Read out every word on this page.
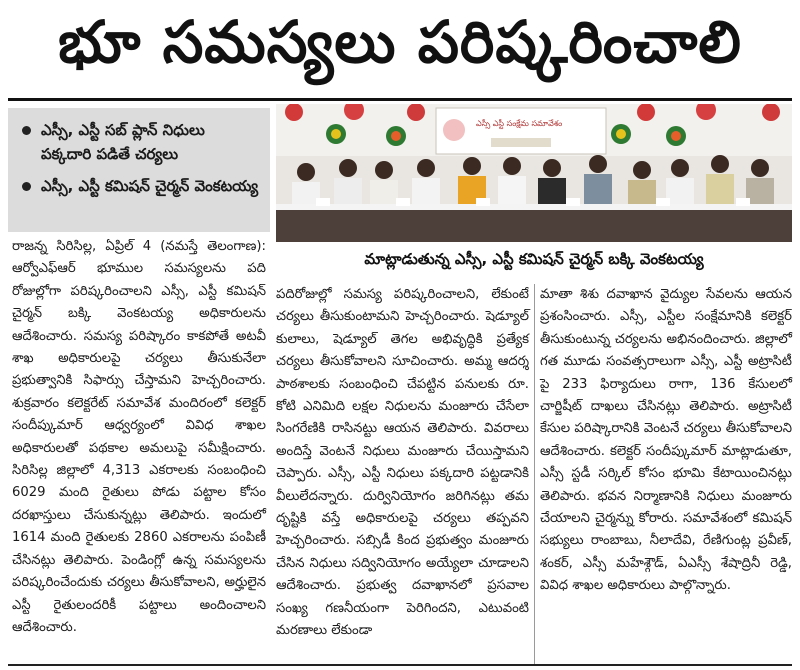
భూ సమస్యలు పరిష్కరించాలి
ఎస్సీ, ఎస్టీ సబ్ ప్లాన్ నిధులు పక్కదారి పడితే చర్యలు
ఎస్సీ, ఎస్టీ కమిషన్ చైర్మన్ వెంకటయ్య
ఎస్సీ ఎస్టీ సంక్షేమ సమావేశం
మాట్లాడుతున్న ఎస్సీ, ఎస్టీ కమిషన్ చైర్మన్ బక్కి వెంకటయ్య
రాజన్న సిరిసిల్ల, ఏప్రిల్ 4 (నమస్తే తెలంగాణ): ఆర్వోఎఫ్ఆర్ భూముల సమస్యలను పది రోజుల్లోగా పరిష్కరించాలని ఎస్సీ, ఎస్టీ కమిషన్ చైర్మన్ బక్కి వెంకటయ్య అధికారులను ఆదేశించారు. సమస్య పరిష్కారం కాకపోతే అటవీ శాఖ అధికారులపై చర్యలు తీసుకునేలా ప్రభుత్వానికి సిఫార్సు చేస్తామని హెచ్చరించారు. శుక్రవారం కలెక్టరేట్ సమావేశ మందిరంలో కలెక్టర్ సందీప్కుమార్ ఆధ్వర్యంలో వివిధ శాఖల అధికారులతో పథకాల అమలుపై సమీక్షించారు. సిరిసిల్ల జిల్లాలో 4,313 ఎకరాలకు సంబంధించి 6029 మంది రైతులు పోడు పట్టాల కోసం దరఖాస్తులు చేసుకున్నట్లు తెలిపారు. ఇందులో 1614 మంది రైతులకు 2860 ఎకరాలను పంపిణీ చేసినట్లు తెలిపారు. పెండింగ్లో ఉన్న సమస్యలను పరిష్కరించేందుకు చర్యలు తీసుకోవాలని, అర్హులైన ఎస్టీ రైతులందరికీ పట్టాలు అందించాలని ఆదేశించారు.
పదిరోజుల్లో సమస్య పరిష్కరించాలని, లేకుంటే చర్యలు తీసుకుంటామని హెచ్చరించారు. షెడ్యూల్ కులాలు, షెడ్యూల్ తెగల అభివృద్ధికి ప్రత్యేక చర్యలు తీసుకోవాలని సూచించారు. అమ్మ ఆదర్శ పాఠశాలకు సంబంధించి చేపట్టిన పనులకు రూ. కోటి ఎనిమిది లక్షల నిధులను మంజూరు చేసేలా సింగరేణికి రాసినట్టు ఆయన తెలిపారు. వివరాలు అందిస్తే వెంటనే నిధులు మంజూరు చేయిస్తామని చెప్పారు. ఎస్సీ, ఎస్టీ నిధులు పక్కదారి పట్టడానికి వీలులేదన్నారు. దుర్వినియోగం జరిగినట్లు తమ దృష్టికి వస్తే అధికారులపై చర్యలు తప్పవని హెచ్చరించారు. సబ్సిడీ కింద ప్రభుత్వం మంజూరు చేసిన నిధులు సద్వినియోగం అయ్యేలా చూడాలని ఆదేశించారు. ప్రభుత్వ దవాఖానలో ప్రసవాల సంఖ్య గణనీయంగా పెరిగిందని, ఎటువంటి మరణాలు లేకుండా
మాతా శిశు దవాఖాన వైద్యుల సేవలను ఆయన ప్రశంసించారు. ఎస్సీ, ఎస్టీల సంక్షేమానికి కలెక్టర్ తీసుకుంటున్న చర్యలను అభినందించారు. జిల్లాలో గత మూడు సంవత్సరాలుగా ఎస్సీ, ఎస్టీ అట్రాసిటీ పై 233 ఫిర్యాదులు రాగా, 136 కేసులలో చార్జిషీట్ దాఖలు చేసినట్లు తెలిపారు. అట్రాసిటీ కేసుల పరిష్కారానికి వెంటనే చర్యలు తీసుకోవాలని ఆదేశించారు. కలెక్టర్ సందీప్కుమార్ మాట్లాడుతూ, ఎస్సీ స్టడీ సర్కిల్ కోసం భూమి కేటాయించినట్లు తెలిపారు. భవన నిర్మాణానికి నిధులు మంజూరు చేయాలని చైర్మన్ను కోరారు. సమావేశంలో కమిషన్ సభ్యులు రాంబాబు, నీలాదేవి, రేణిగుంట్ల ప్రవీణ్, శంకర్, ఎస్సీ మహేశ్గౌడ్, ఏఎస్సీ శేషాద్రినీ రెడ్డి, వివిధ శాఖల అధికారులు పాల్గొన్నారు.
